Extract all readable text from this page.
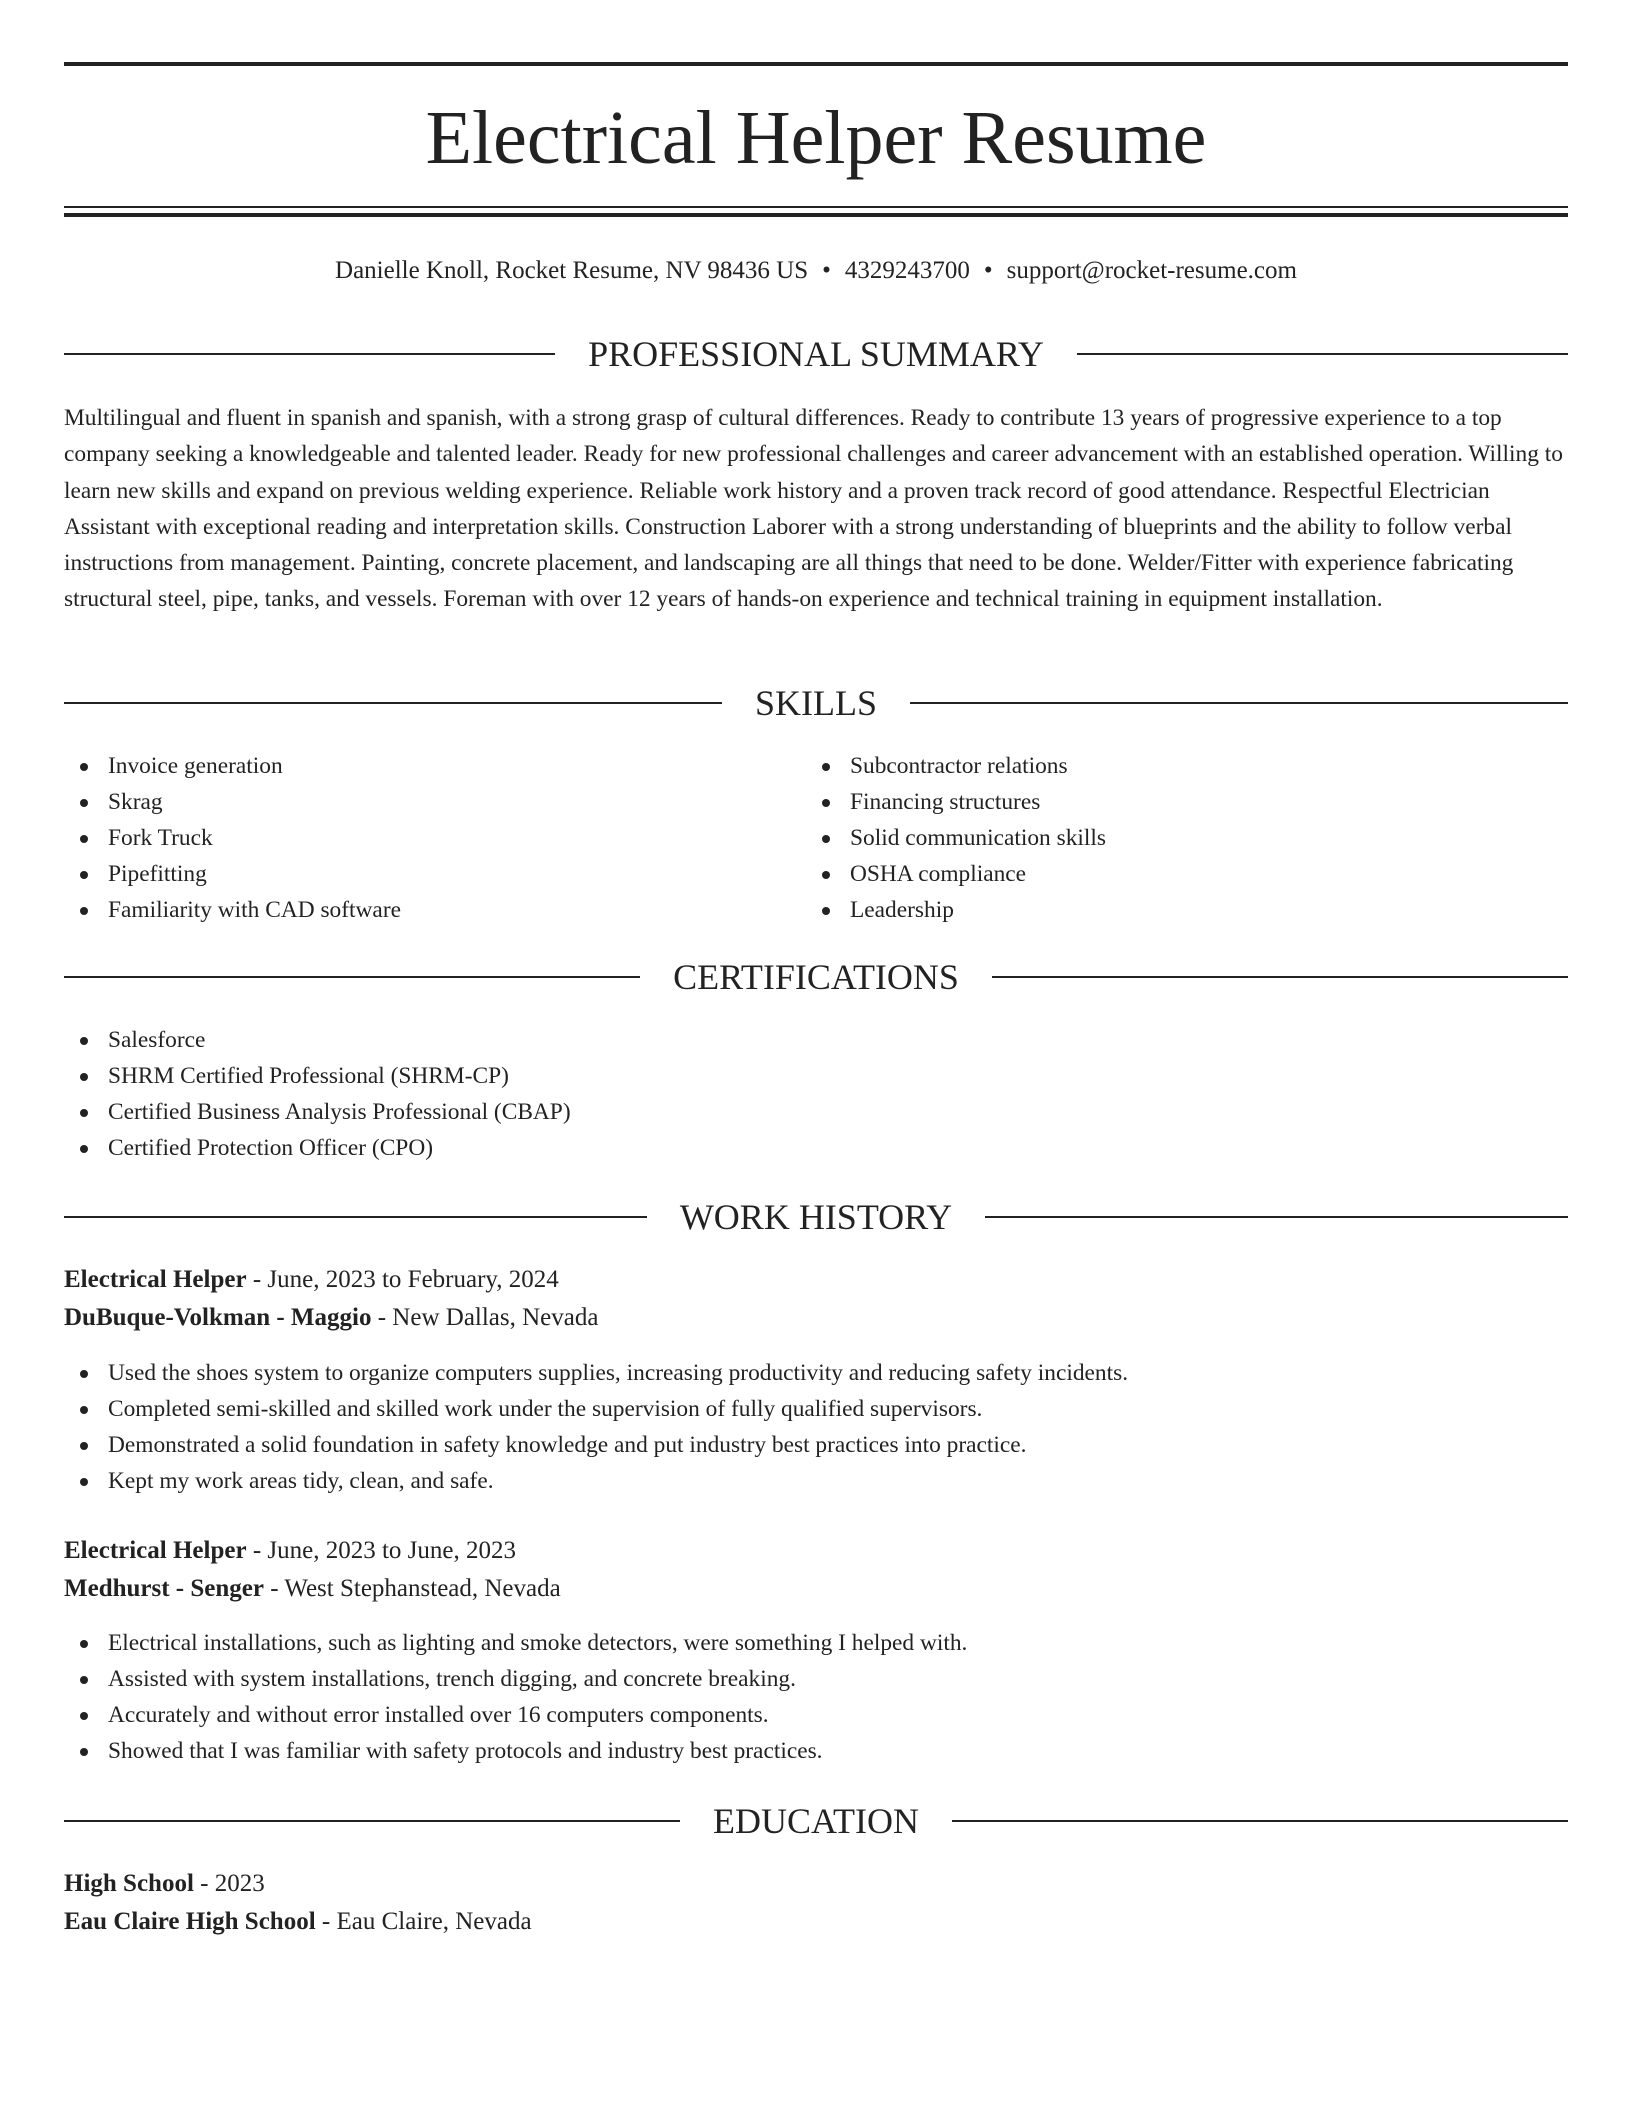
Electrical Helper Resume
Danielle Knoll, Rocket Resume, NV 98436 US • 4329243700 • support@rocket-resume.com
PROFESSIONAL SUMMARY

Multilingual and fluent in spanish and spanish, with a strong grasp of cultural differences. Ready to contribute 13 years of progressive experience to a top company seeking a knowledgeable and talented leader. Ready for new professional challenges and career advancement with an established operation. Willing to learn new skills and expand on previous welding experience. Reliable work history and a proven track record of good attendance. Respectful Electrician Assistant with exceptional reading and interpretation skills. Construction Laborer with a strong understanding of blueprints and the ability to follow verbal instructions from management. Painting, concrete placement, and landscaping are all things that need to be done. Welder/Fitter with experience fabricating structural steel, pipe, tanks, and vessels. Foreman with over 12 years of hands-on experience and technical training in equipment installation.

SKILLS
Invoice generation
Skrag
Fork Truck
Pipefitting
Familiarity with CAD software
Subcontractor relations
Financing structures
Solid communication skills
OSHA compliance
Leadership
CERTIFICATIONS
Salesforce
SHRM Certified Professional (SHRM-CP)
Certified Business Analysis Professional (CBAP)
Certified Protection Officer (CPO)
WORK HISTORY
Electrical Helper - June, 2023 to February, 2024
DuBuque-Volkman - Maggio - New Dallas, Nevada
Used the shoes system to organize computers supplies, increasing productivity and reducing safety incidents.
Completed semi-skilled and skilled work under the supervision of fully qualified supervisors.
Demonstrated a solid foundation in safety knowledge and put industry best practices into practice.
Kept my work areas tidy, clean, and safe.
Electrical Helper - June, 2023 to June, 2023
Medhurst - Senger - West Stephanstead, Nevada
Electrical installations, such as lighting and smoke detectors, were something I helped with.
Assisted with system installations, trench digging, and concrete breaking.
Accurately and without error installed over 16 computers components.
Showed that I was familiar with safety protocols and industry best practices.
EDUCATION
High School - 2023
Eau Claire High School - Eau Claire, Nevada
